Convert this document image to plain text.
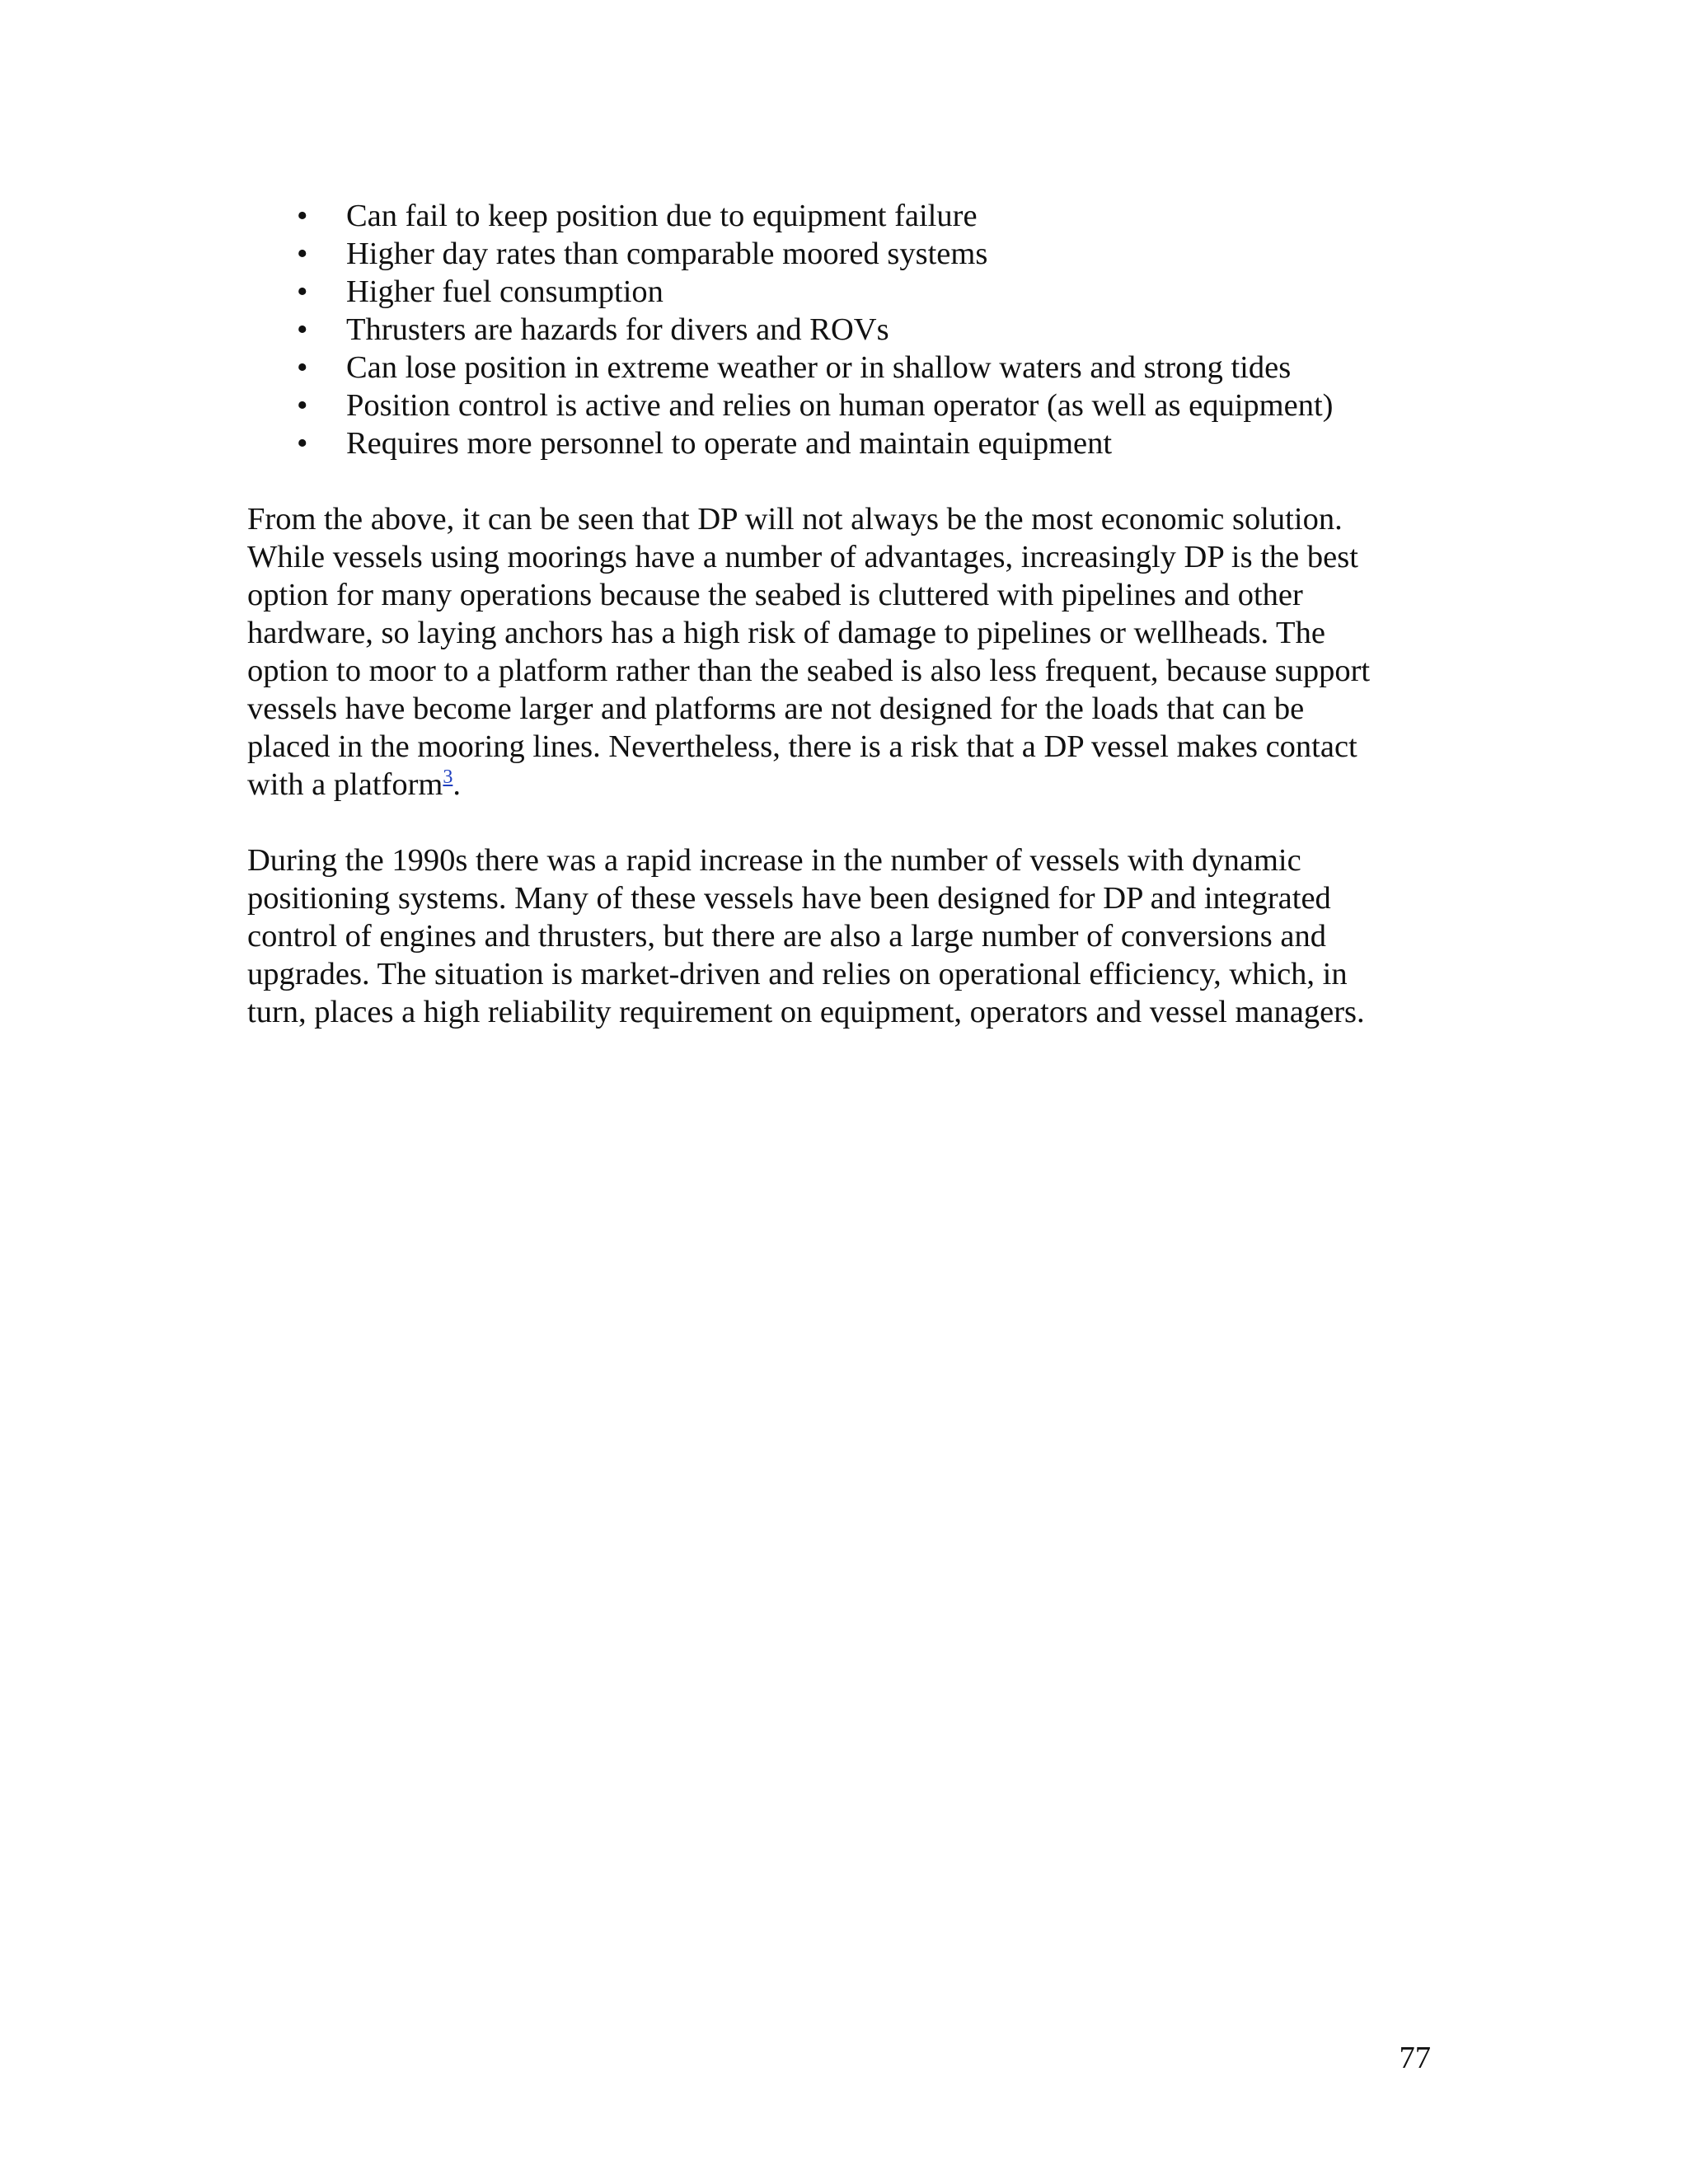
• Can fail to keep position due to equipment failure
• Higher day rates than comparable moored systems
• Higher fuel consumption
• Thrusters are hazards for divers and ROVs
• Can lose position in extreme weather or in shallow waters and strong tides
• Position control is active and relies on human operator (as well as equipment)
• Requires more personnel to operate and maintain equipment

From the above, it can be seen that DP will not always be the most economic solution.
While vessels using moorings have a number of advantages, increasingly DP is the best
option for many operations because the seabed is cluttered with pipelines and other
hardware, so laying anchors has a high risk of damage to pipelines or wellheads. The
option to moor to a platform rather than the seabed is also less frequent, because support
vessels have become larger and platforms are not designed for the loads that can be
placed in the mooring lines. Nevertheless, there is a risk that a DP vessel makes contact
with a platform$^3$.

During the 1990s there was a rapid increase in the number of vessels with dynamic
positioning systems. Many of these vessels have been designed for DP and integrated
control of engines and thrusters, but there are also a large number of conversions and
upgrades. The situation is market-driven and relies on operational efficiency, which, in
turn, places a high reliability requirement on equipment, operators and vessel managers.

77
